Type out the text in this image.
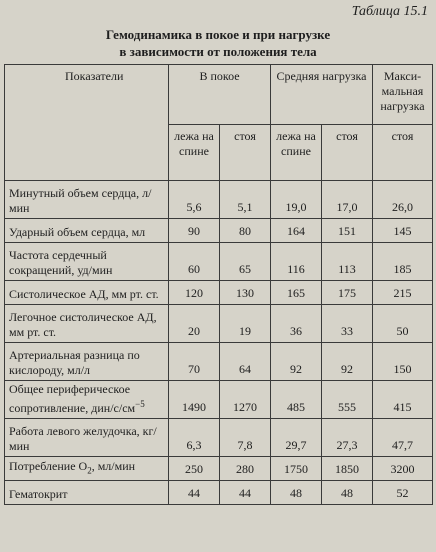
Таблица 15.1
Гемодинамика в покое и при нагрузке
в зависимости от положения тела
Показатели	В покое		Средняя нагрузка		Макси-мальная нагрузка
	лежа на спине	стоя	лежа на спине	стоя	стоя
Минутный объем сердца, л/мин	5,6	5,1	19,0	17,0	26,0
Ударный объем сердца, мл	90	80	164	151	145
Частота сердечный сокращений, уд/мин	60	65	116	113	185
Систолическое АД, мм рт. ст.	120	130	165	175	215
Легочное систолическое АД, мм рт. ст.	20	19	36	33	50
Артериальная разница по кислороду, мл/л	70	64	92	92	150
Общее периферическое сопротивление, дин/$с/см^{-5}$	1490	1270	485	555	415
Работа левого желудочка, кг/мин	6,3	7,8	29,7	27,3	47,7
Потребление $О_2$, мл/мин	250	280	1750	1850	3200
Гематокрит	44	44	48	48	52
